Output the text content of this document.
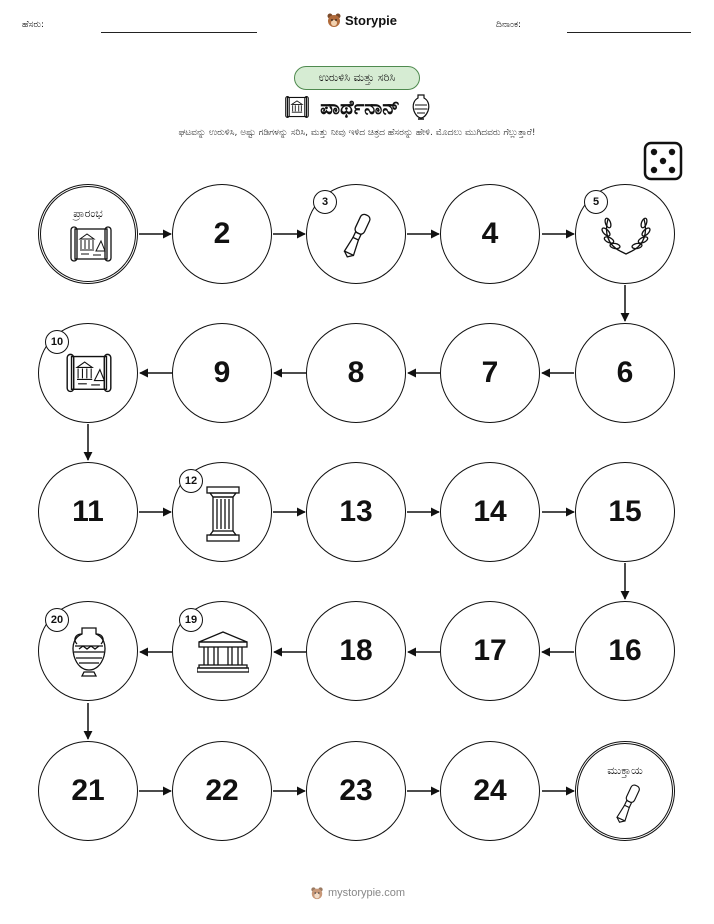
ಹೆಸರು:	Storypie	ದಿನಾಂಕ:
ಉರುಳಿಸಿ ಮತ್ತು ಸರಿಸಿ
ಪಾರ್ಥೆನಾನ್
ಘಟವನ್ನು ಉರುಳಿಸಿ, ಅಷ್ಟು ಗಡಿಗಳನ್ನು ಸರಿಸಿ, ಮತ್ತು ನೀವು ಇಳಿದ ಚಿತ್ರದ ಹೆಸರನ್ನು ಹೇಳಿ. ಮೊದಲು ಮುಗಿದವರು ಗೆಲ್ಲುತ್ತಾರೆ!
ಪ್ರಾರಂಭ
2
3
4
5
10
9	8	7	6
11
12
13	14	15
20	19
18	17	16
21	22	23	24
ಮುಕ್ತಾಯ
mystorypie.com
